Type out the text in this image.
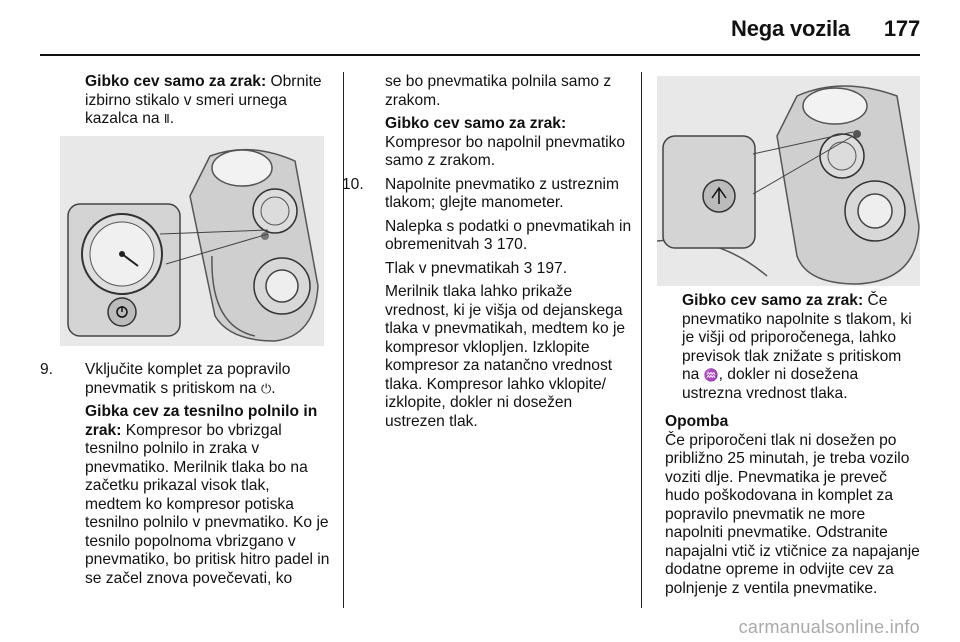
Nega vozila 177

Gibko cev samo za zrak: Obrnite izbirno stikalo v smeri urnega kazalca na Ⅱ.

9. Vključite komplet za popravilo pnevmatik s pritiskom na ⏻.

Gibka cev za tesnilno polnilo in zrak: Kompresor bo vbrizgal tesnilno polnilo in zraka v pnevmatiko. Merilnik tlaka bo na začetku prikazal visok tlak, medtem ko kompresor potiska tesnilno polnilo v pnevmatiko. Ko je tesnilo popolnoma vbrizgano v pnevmatiko, bo pritisk hitro padel in se začel znova povečevati, ko

se bo pnevmatika polnila samo z zrakom.

Gibko cev samo za zrak:
Kompresor bo napolnil pnevmatiko samo z zrakom.

10. Napolnite pnevmatiko z ustreznim tlakom; glejte manometer.

Nalepka s podatki o pnevmatikah in obremenitvah 3 170.

Tlak v pnevmatikah 3 197.

Merilnik tlaka lahko prikaže vrednost, ki je višja od dejanskega tlaka v pnevmatikah, medtem ko je kompresor vklopljen. Izklopite kompresor za natančno vrednost tlaka. Kompresor lahko vklopite/ izklopite, dokler ni dosežen ustrezen tlak.

Gibko cev samo za zrak: Če pnevmatiko napolnite s tlakom, ki je višji od priporočenega, lahko previsok tlak znižate s pritiskom na ♒, dokler ni dosežena ustrezna vrednost tlaka.

Opomba

Če priporočeni tlak ni dosežen po približno 25 minutah, je treba vozilo voziti dlje. Pnevmatika je preveč hudo poškodovana in komplet za popravilo pnevmatik ne more napolniti pnevmatike. Odstranite napajalni vtič iz vtičnice za napajanje dodatne opreme in odvijte cev za polnjenje z ventila pnevmatike.

carmanualsonline.info
